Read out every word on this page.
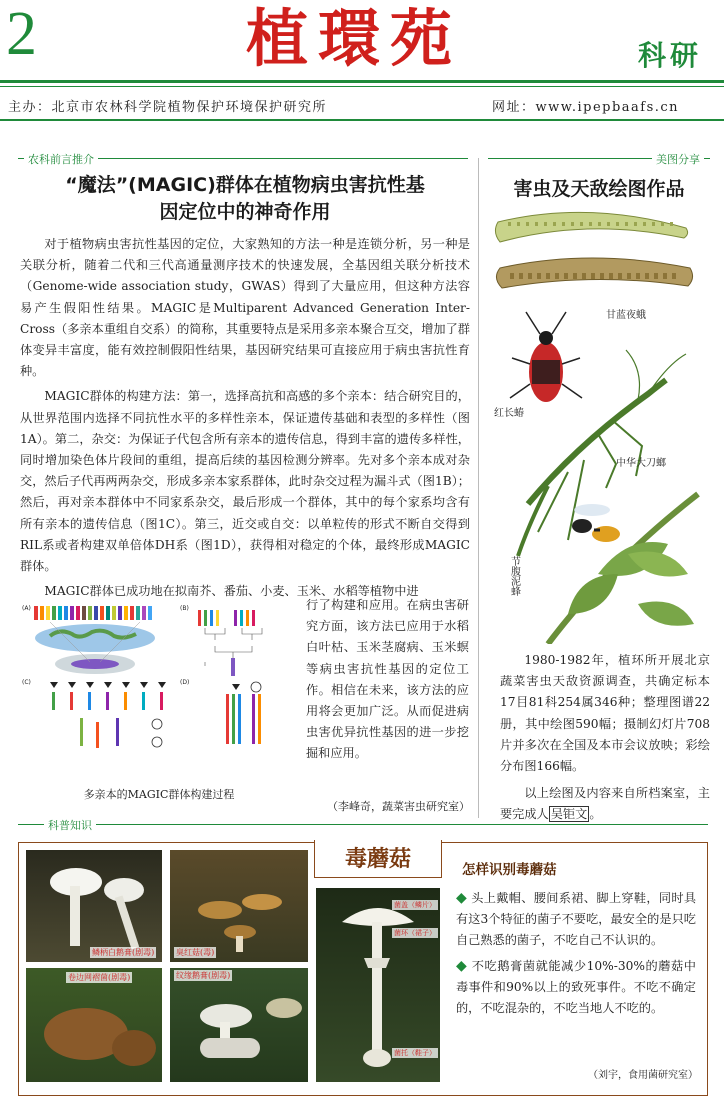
2	植環苑	科研
主办：北京市农林科学院植物保护环境保护研究所	网址：www.ipepbaafs.cn
农科前言推介
“魔法”(MAGIC)群体在植物病虫害抗性基
因定位中的神奇作用

对于植物病虫害抗性基因的定位，大家熟知的方法一种是连锁分析，另一种是关联分析，随着二代和三代高通量测序技术的快速发展，全基因组关联分析技术（Genome-wide association study，GWAS）得到了大量应用，但这种方法容易产生假阳性结果。MAGIC是Multiparent Advanced Generation Inter-Cross（多亲本重组自交系）的简称，其重要特点是采用多亲本聚合互交，增加了群体变异丰富度，能有效控制假阳性结果，基因研究结果可直接应用于病虫害抗性育种。

MAGIC群体的构建方法：第一，选择高抗和高感的多个亲本：结合研究目的，从世界范围内选择不同抗性水平的多样性亲本，保证遗传基础和表型的多样性（图1A）。第二，杂交：为保证子代包含所有亲本的遗传信息，得到丰富的遗传多样性，同时增加染色体片段间的重组，提高后续的基因检测分辨率。先对多个亲本成对杂交，然后子代再两两杂交，形成多亲本家系群体，此时杂交过程为漏斗式（图1B）；然后，再对亲本群体中不同家系杂交，最后形成一个群体，其中的每个家系均含有所有亲本的遗传信息（图1C）。第三，近交或自交：以单粒传的形式不断自交得到RIL系或者构建双单倍体DH系（图1D），获得相对稳定的个体，最终形成MAGIC群体。

MAGIC群体已成功地在拟南芥、番茄、小麦、玉米、水稻等植物中进

(A)	(B)
(C)	(D)
多亲本的MAGIC群体构建过程

行了构建和应用。在病虫害研究方面，该方法已应用于水稻白叶枯、玉米茎腐病、玉米螟等病虫害抗性基因的定位工作。相信在未来，该方法的应用将会更加广泛。从而促进病虫害优异抗性基因的进一步挖掘和应用。

（李峰奇，蔬菜害虫研究室）
美图分享
害虫及天敌绘图作品
甘蓝夜蛾
红长蝽
中华大刀螂
节腹泥蜂

1980-1982年，植环所开展北京蔬菜害虫天敌资源调查，共确定标本17目81科254属346种；整理图谱22册，其中绘图590幅；摄制幻灯片708片并多次在全国及本市会议放映；彩绘分布图166幅。

以上绘图及内容来自所档案室，主要完成人 吴钜文 。

科普知识
鳞柄白鹅膏(剧毒)	臭红菇(毒)
卷边网褶菌(剧毒)	纹缘鹅膏(剧毒)
菌盖（鳞片）
菌环（裙子）
菌托（鞋子）
毒蘑菇	怎样识别毒蘑菇

◆ 头上戴帽、腰间系裙、脚上穿鞋，同时具有这3个特征的菌子不要吃，最安全的是只吃自己熟悉的菌子，不吃自己不认识的。

◆ 不吃鹅膏菌就能减少10%-30%的蘑菇中毒事件和90%以上的致死事件。不吃不确定的，不吃混杂的，不吃当地人不吃的。

（刘宇，食用菌研究室）
